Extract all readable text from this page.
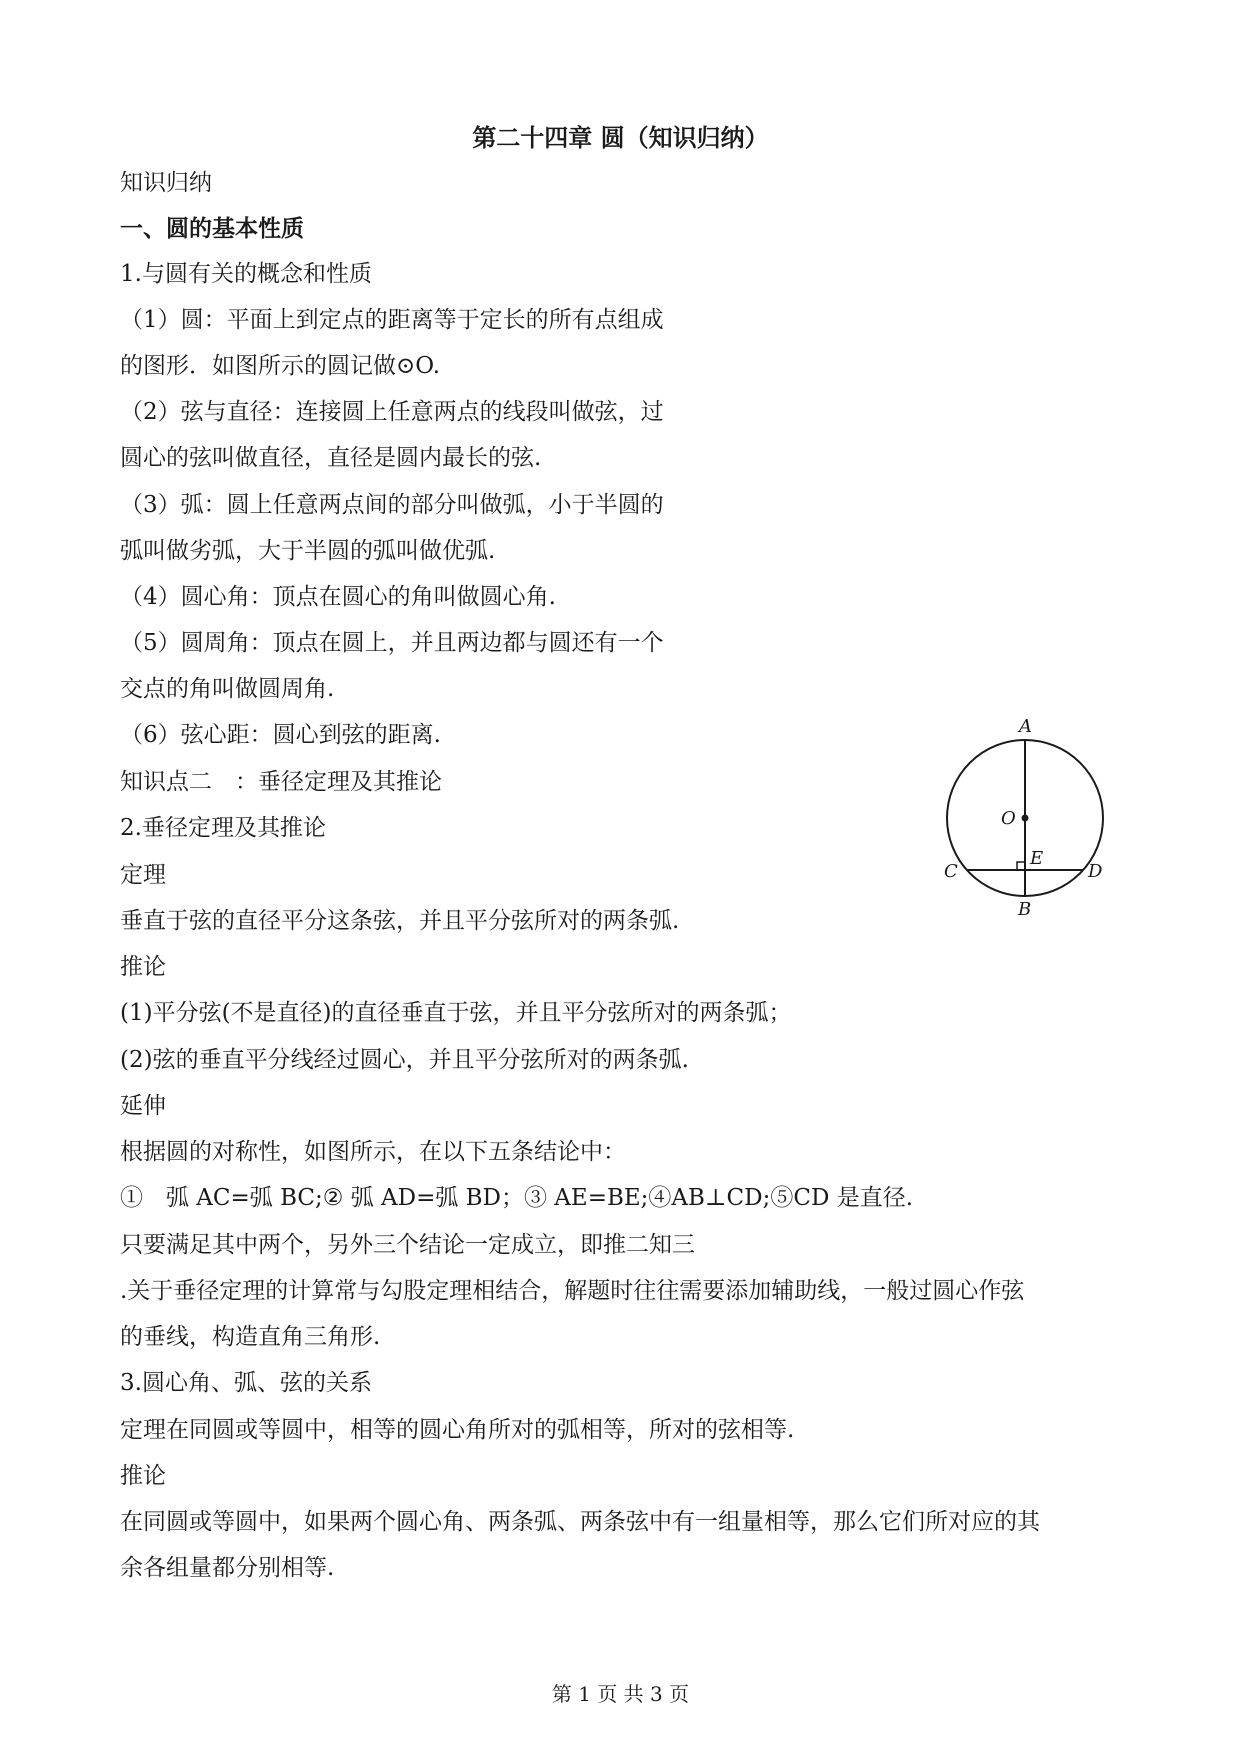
第二十四章 圆（知识归纳）

知识归纳

一、圆的基本性质

1.与圆有关的概念和性质

（1）圆：平面上到定点的距离等于定长的所有点组成

的图形．如图所示的圆记做⊙O.

（2）弦与直径：连接圆上任意两点的线段叫做弦，过

圆心的弦叫做直径，直径是圆内最长的弦.

（3）弧：圆上任意两点间的部分叫做弧，小于半圆的

弧叫做劣弧，大于半圆的弧叫做优弧.

（4）圆心角：顶点在圆心的角叫做圆心角.

（5）圆周角：顶点在圆上，并且两边都与圆还有一个

交点的角叫做圆周角.

（6）弦心距：圆心到弦的距离.

知识点二　：垂径定理及其推论

2.垂径定理及其推论

定理

垂直于弦的直径平分这条弦，并且平分弦所对的两条弧.

推论

(1)平分弦(不是直径)的直径垂直于弦，并且平分弦所对的两条弧；

(2)弦的垂直平分线经过圆心，并且平分弦所对的两条弧.

延伸

根据圆的对称性，如图所示，在以下五条结论中：

①　弧 AC=弧 BC;② 弧 AD=弧 BD；③ AE=BE;④AB⊥CD;⑤CD 是直径.

只要满足其中两个，另外三个结论一定成立，即推二知三

.关于垂径定理的计算常与勾股定理相结合，解题时往往需要添加辅助线，一般过圆心作弦

的垂线，构造直角三角形.

3.圆心角、弧、弦的关系

定理在同圆或等圆中，相等的圆心角所对的弧相等，所对的弦相等.

推论

在同圆或等圆中，如果两个圆心角、两条弧、两条弦中有一组量相等，那么它们所对应的其

余各组量都分别相等.

A
O
E
C	D
B

第 1 页 共 3 页
